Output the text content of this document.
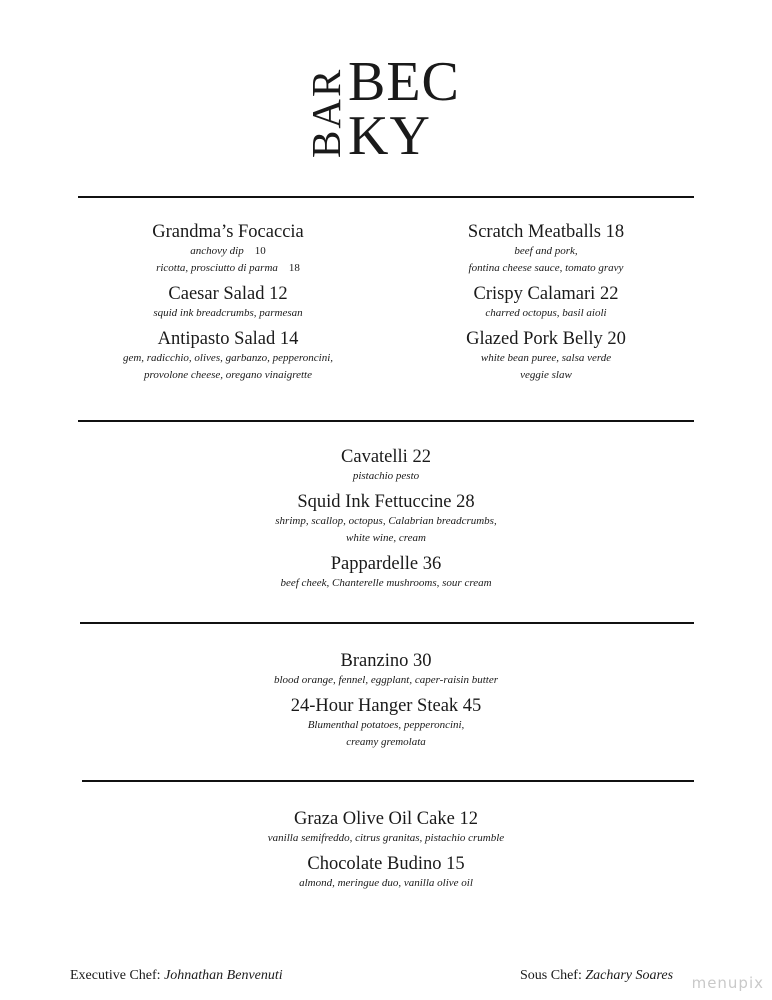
BAR BEC
KY

Grandma’s Focaccia

anchovy dip  10

ricotta, prosciutto di parma  18

Caesar Salad 12

squid ink breadcrumbs, parmesan

Antipasto Salad 14

gem, radicchio, olives, garbanzo, pepperoncini,

provolone cheese, oregano vinaigrette

Scratch Meatballs 18

beef and pork,

fontina cheese sauce, tomato gravy

Crispy Calamari 22

charred octopus, basil aioli

Glazed Pork Belly 20

white bean puree, salsa verde

veggie slaw

Cavatelli 22

pistachio pesto

Squid Ink Fettuccine 28

shrimp, scallop, octopus, Calabrian breadcrumbs,

white wine, cream

Pappardelle 36

beef cheek, Chanterelle mushrooms, sour cream

Branzino 30

blood orange, fennel, eggplant, caper-raisin butter

24-Hour Hanger Steak 45

Blumenthal potatoes, pepperoncini,

creamy gremolata

Graza Olive Oil Cake 12

vanilla semifreddo, citrus granitas, pistachio crumble

Chocolate Budino 15

almond, meringue duo, vanilla olive oil

Executive Chef: Johnathan Benvenuti	Sous Chef: Zachary Soares menupix
